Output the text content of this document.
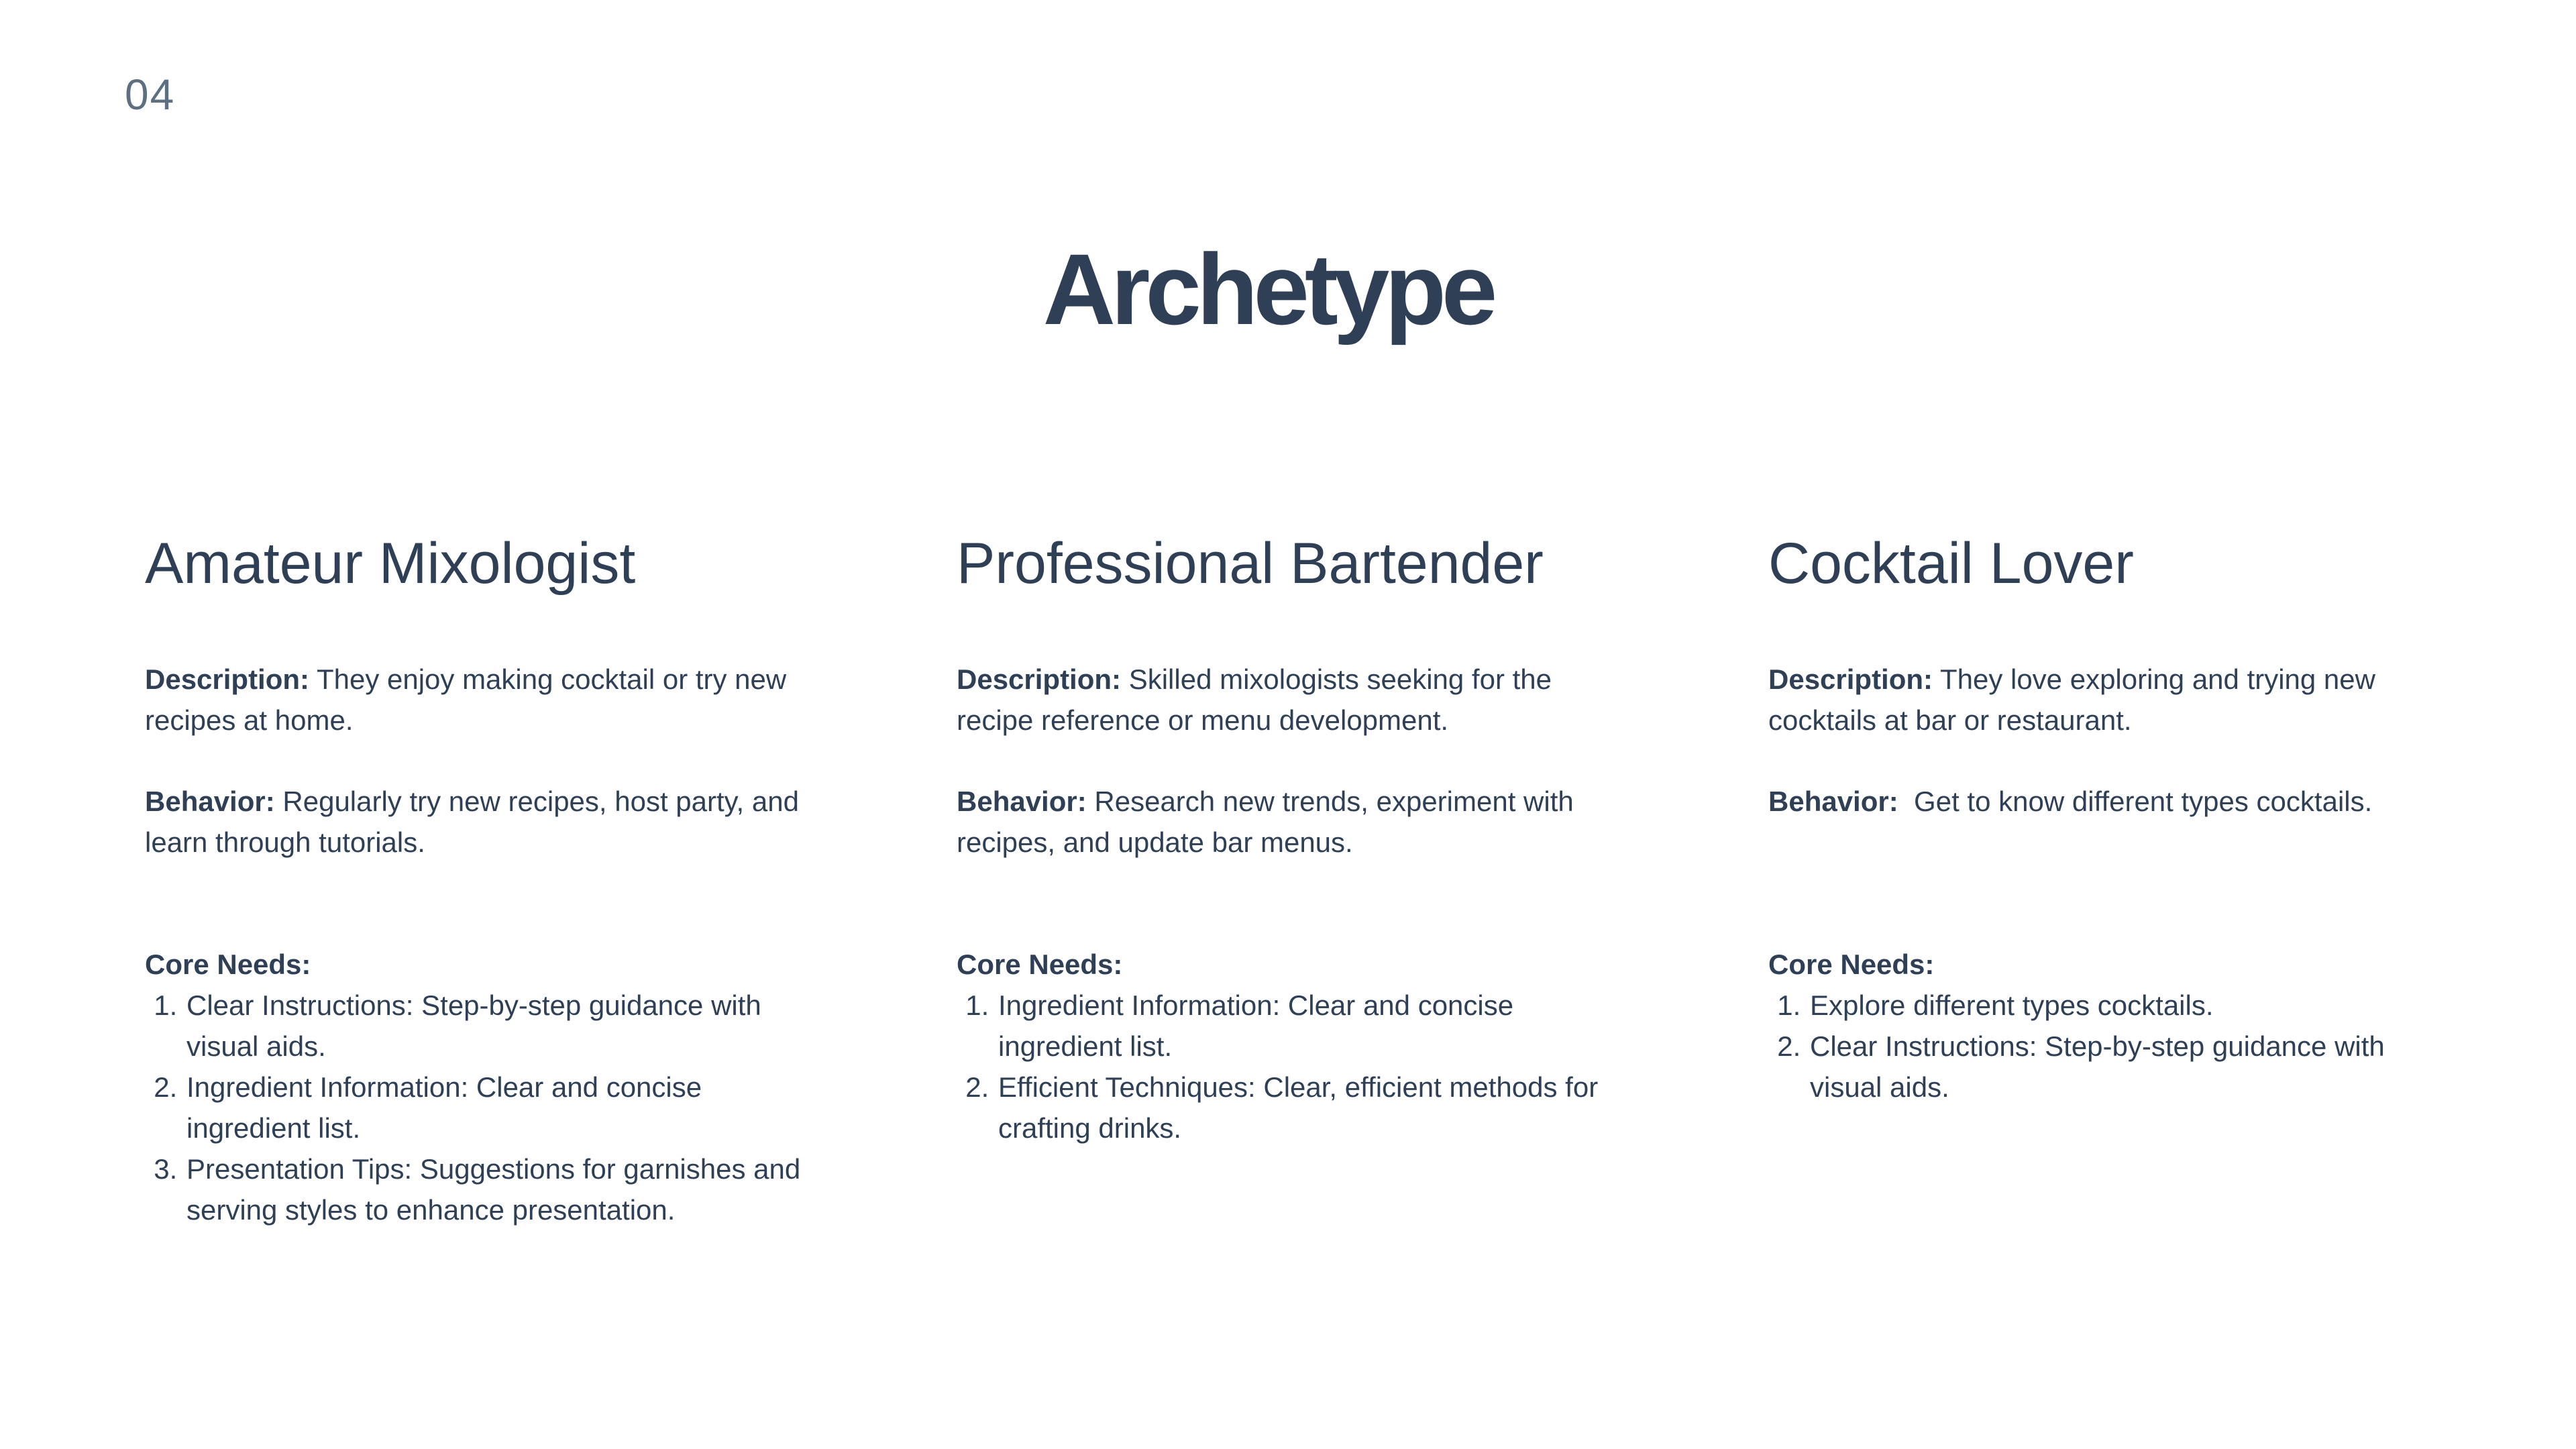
04
Archetype
Amateur Mixologist

Description: They enjoy making cocktail or try new recipes at home.

Behavior: Regularly try new recipes, host party, and learn through tutorials.

Core Needs:

1. Clear Instructions: Step-by-step guidance with visual aids.
2. Ingredient Information: Clear and concise ingredient list.
3. Presentation Tips: Suggestions for garnishes and serving styles to enhance presentation.
Professional Bartender

Description: Skilled mixologists seeking for the recipe reference or menu development.

Behavior: Research new trends, experiment with recipes, and update bar menus.

Core Needs:

1. Ingredient Information: Clear and concise ingredient list.
2. Efficient Techniques: Clear, efficient methods for crafting drinks.
Cocktail Lover

Description: They love exploring and trying new cocktails at bar or restaurant.

Behavior:  Get to know different types cocktails.

Core Needs:

1. Explore different types cocktails.
2. Clear Instructions: Step-by-step guidance with visual aids.
